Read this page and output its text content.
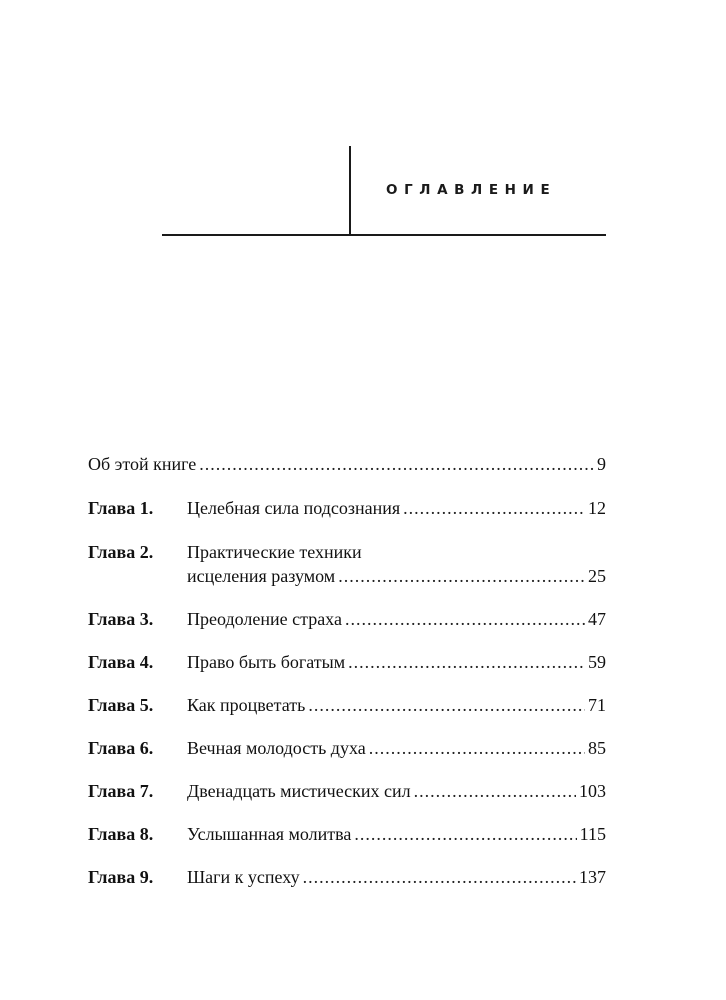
ОГЛАВЛЕНИЕ
Об этой книге .....	9
Глава 1. Целебная сила подсознания .....	12
Глава 2. Практические техники
исцеления разумом .....	25
Глава 3. Преодоление страха .....	47
Глава 4. Право быть богатым .....	59
Глава 5. Как процветать .....	71
Глава 6. Вечная молодость духа .....	85
Глава 7. Двенадцать мистических сил .....	103
Глава 8. Услышанная молитва .....	115
Глава 9. Шаги к успеху .....	137
